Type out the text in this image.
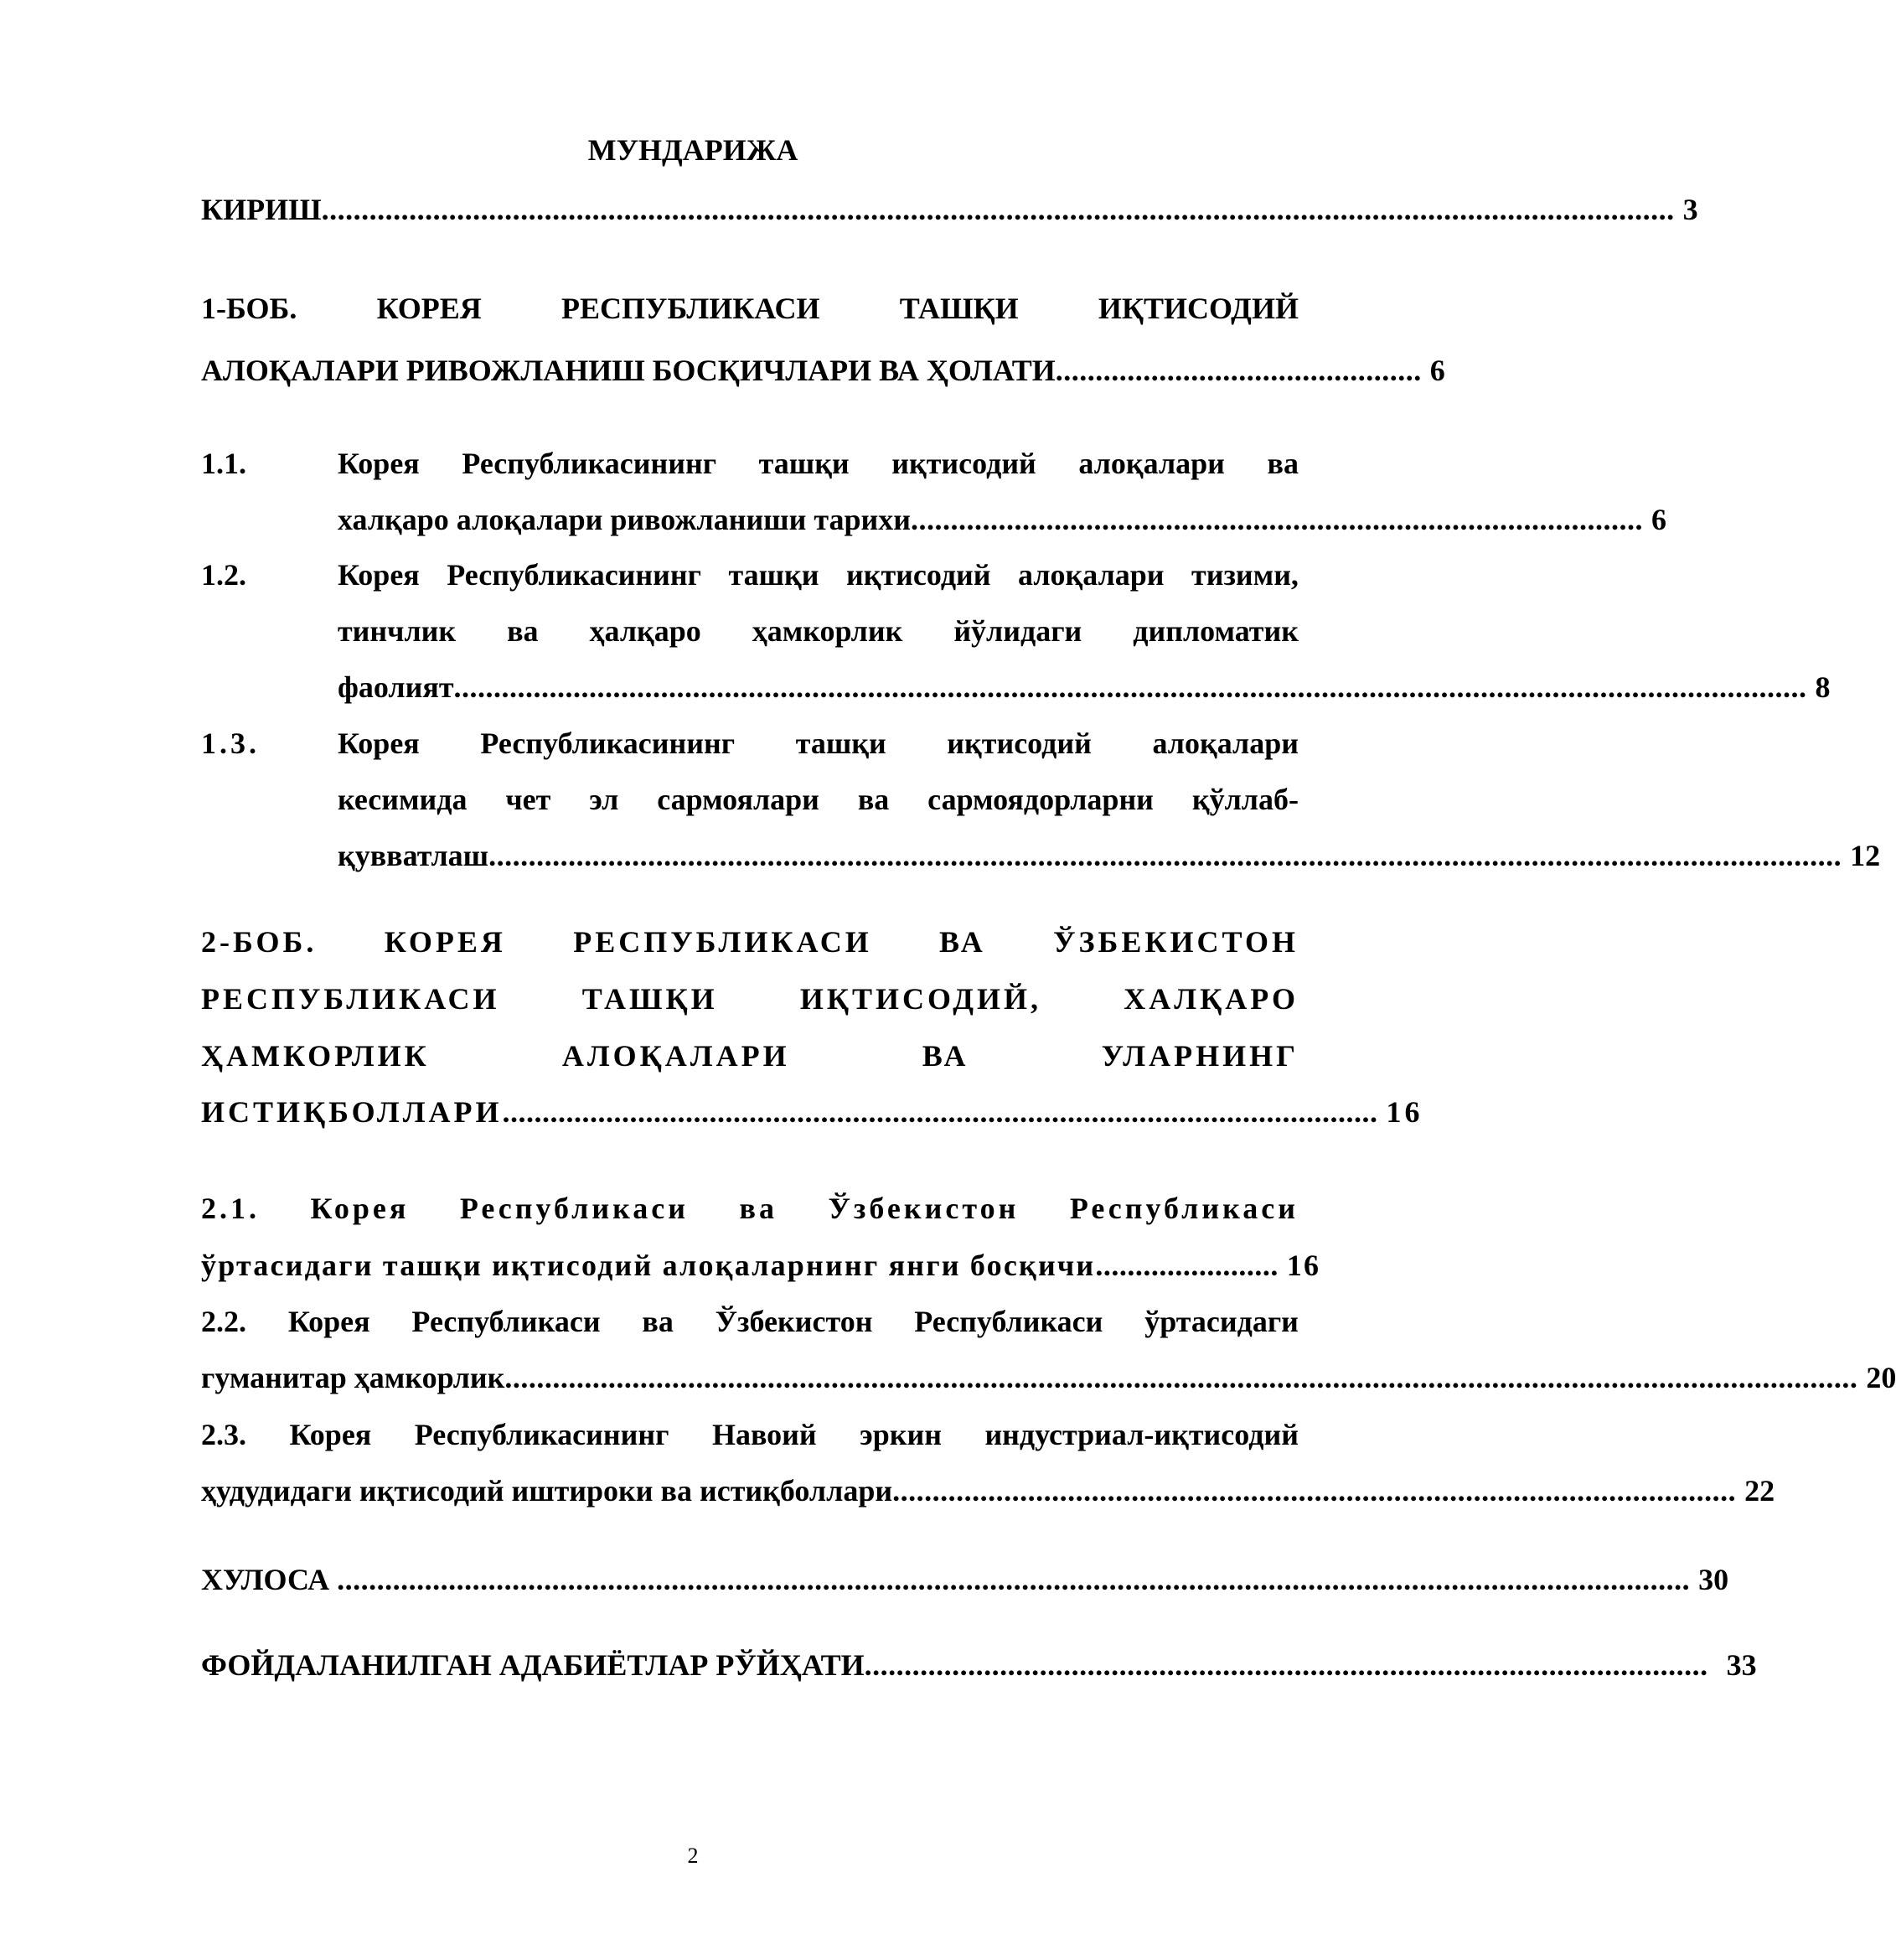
МУНДАРИЖА
КИРИШ .......................................................................................................................................................................... 3
1-БОБ.	КОРЕЯ	РЕСПУБЛИКАСИ	ТАШҚИ	ИҚТИСОДИЙ
АЛОҚАЛАРИ РИВОЖЛАНИШ БОСҚИЧЛАРИ ВА ҲОЛАТИ .............................................. 6
1.1.	Корея Республикасининг ташқи иқтисодий алоқалари ва
халқаро алоқалари ривожланиши тарихи ............................................................................................ 6
1.2.	Корея Республикасининг ташқи иқтисодий алоқалари тизими,
тинчлик ва ҳалқаро ҳамкорлик йўлидаги дипломатик
фаолият .......................................................................................................................................................................... 8
1.3.	Корея Республикасининг ташқи иқтисодий алоқалари
кесимида чет эл сармоялари ва сармоядорларни қўллаб-
қувватлаш .......................................................................................................................................................................... 12
2-БОБ. КОРЕЯ РЕСПУБЛИКАСИ ВА ЎЗБЕКИСТОН
РЕСПУБЛИКАСИ	ТАШҚИ	ИҚТИСОДИЙ,	ХАЛҚАРО
ҲАМКОРЛИК	АЛОҚАЛАРИ	ВА	УЛАРНИНГ
ИСТИҚБОЛЛАРИ .............................................................................................................. 16
2.1. Корея Республикаси ва Ўзбекистон Республикаси
ўртасидаги ташқи иқтисодий алоқаларнинг янги босқичи ....................... 16
2.2. Корея Республикаси ва Ўзбекистон Республикаси ўртасидаги
гуманитар ҳамкорлик .......................................................................................................................................................................... 20
2.3. Корея Республикасининг Навоий эркин индустриал-иқтисодий
ҳудудидаги иқтисодий иштироки ва истиқболлари .......................................................................................................... 22
ХУЛОСА .......................................................................................................................................................................... 30
ФОЙДАЛАНИЛГАН АДАБИЁТЛАР РЎЙҲАТИ .......................................................................................................... 33
2
